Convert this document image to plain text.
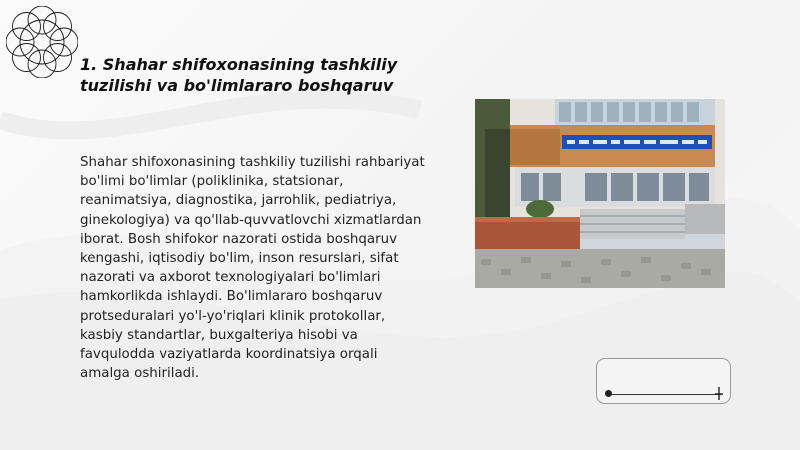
1. Shahar shifoxonasining tashkiliy tuzilishi va bo'limlararo boshqaruv

Shahar shifoxonasining tashkiliy tuzilishi rahbariyat bo'limi bo'limlar (poliklinika, statsionar, reanimatsiya, diagnostika, jarrohlik, pediatriya, ginekologiya) va qo'llab-quvvatlovchi xizmatlardan iborat. Bosh shifokor nazorati ostida boshqaruv kengashi, iqtisodiy bo'lim, inson resurslari, sifat nazorati va axborot texnologiyalari bo'limlari hamkorlikda ishlaydi. Bo'limlararo boshqaruv protseduralari yo'l-yo'riqlari klinik protokollar, kasbiy standartlar, buxgalteriya hisobi va favqulodda vaziyatlarda koordinatsiya orqali amalga oshiriladi.
